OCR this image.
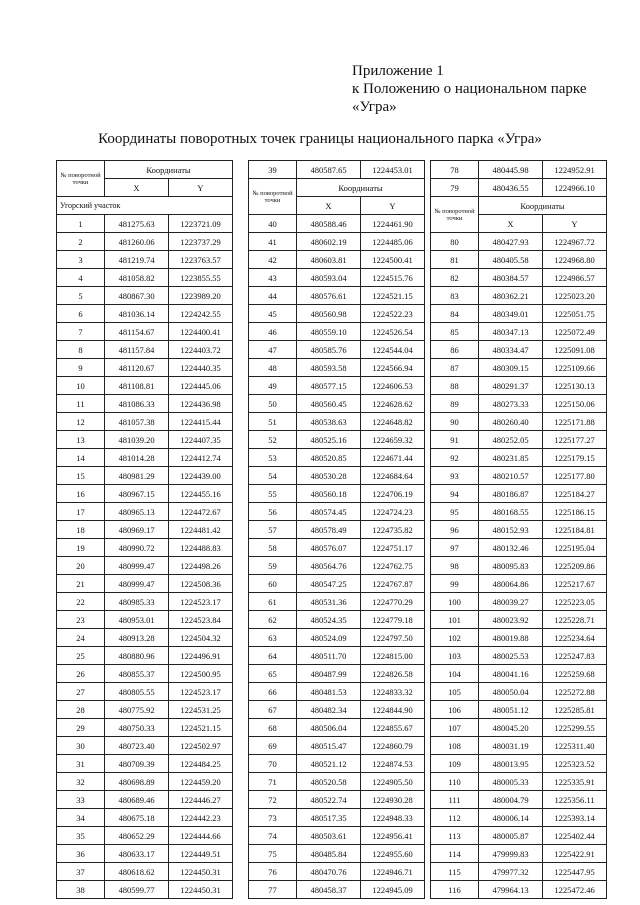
Приложение 1
к Положению о национальном парке
«Угра»
Координаты поворотных точек границы национального парка «Угра»
№ поворотной точки	Координаты	
	X	Y
Угорский участок		
1	481275.63	1223721.09
2	481260.06	1223737.29
3	481219.74	1223763.57
4	481058.82	1223855.55
5	480867.30	1223989.20
6	481036.14	1224242.55
7	481154.67	1224400.41
8	481157.84	1224403.72
9	481120.67	1224440.35
10	481108.81	1224445.06
11	481086.33	1224436.98
12	481057.38	1224415.44
13	481039.20	1224407.35
14	481014.28	1224412.74
15	480981.29	1224439.00
16	480967.15	1224455.16
17	480965.13	1224472.67
18	480969.17	1224481.42
19	480990.72	1224488.83
20	480999.47	1224498.26
21	480999.47	1224508.36
22	480985.33	1224523.17
23	480953.01	1224523.84
24	480913.28	1224504.32
25	480880.96	1224496.91
26	480855.37	1224500.95
27	480805.55	1224523.17
28	480775.92	1224531.25
29	480750.33	1224521.15
30	480723.40	1224502.97
31	480709.39	1224484.25
32	480698.89	1224459.20
33	480689.46	1224446.27
34	480675.18	1224442.23
35	480652.29	1224444.66
36	480633.17	1224449.51
37	480618.62	1224450.31
38	480599.77	1224450.31
39	480587.65	1224453.01
№ поворотной точки	Координаты	
	X	Y
40	480588.46	1224461.90
41	480602.19	1224485.06
42	480603.81	1224500.41
43	480593.04	1224515.76
44	480576.61	1224521.15
45	480560.98	1224522.23
46	480559.10	1224526.54
47	480585.76	1224544.04
48	480593.58	1224566.94
49	480577.15	1224606.53
50	480560.45	1224628.62
51	480538.63	1224648.82
52	480525.16	1224659.32
53	480520.85	1224671.44
54	480530.28	1224684.64
55	480560.18	1224706.19
56	480574.45	1224724.23
57	480578.49	1224735.82
58	480576.07	1224751.17
59	480564.76	1224762.75
60	480547.25	1224767.87
61	480531.36	1224770.29
62	480524.35	1224779.18
63	480524.09	1224797.50
64	480511.70	1224815.00
65	480487.99	1224826.58
66	480481.53	1224833.32
67	480482.34	1224844.90
68	480506.04	1224855.67
69	480515.47	1224860.79
70	480521.12	1224874.53
71	480520.58	1224905.50
72	480522.74	1224930.28
73	480517.35	1224948.33
74	480503.61	1224956.41
75	480485.84	1224955.60
76	480470.76	1224946.71
77	480458.37	1224945.09
78	480445.98	1224952.91
79	480436.55	1224966.10
№ поворотной точки	Координаты	
	X	Y
80	480427.93	1224967.72
81	480405.58	1224968.80
82	480384.57	1224986.57
83	480362.21	1225023.20
84	480349.01	1225051.75
85	480347.13	1225072.49
86	480334.47	1225091.08
87	480309.15	1225109.66
88	480291.37	1225130.13
89	480273.33	1225150.06
90	480260.40	1225171.88
91	480252.05	1225177.27
92	480231.85	1225179.15
93	480210.57	1225177.80
94	480186.87	1225184.27
95	480168.55	1225186.15
96	480152.93	1225184.81
97	480132.46	1225195.04
98	480095.83	1225209.86
99	480064.86	1225217.67
100	480039.27	1225223.05
101	480023.92	1225228.71
102	480019.88	1225234.64
103	480025.53	1225247.83
104	480041.16	1225259.68
105	480050.04	1225272.88
106	480051.12	1225285.81
107	480045.20	1225299.55
108	480031.19	1225311.40
109	480013.95	1225323.52
110	480005.33	1225335.91
111	480004.79	1225356.11
112	480006.14	1225393.14
113	480005.87	1225402.44
114	479999.83	1225422.91
115	479977.32	1225447.95
116	479964.13	1225472.46
